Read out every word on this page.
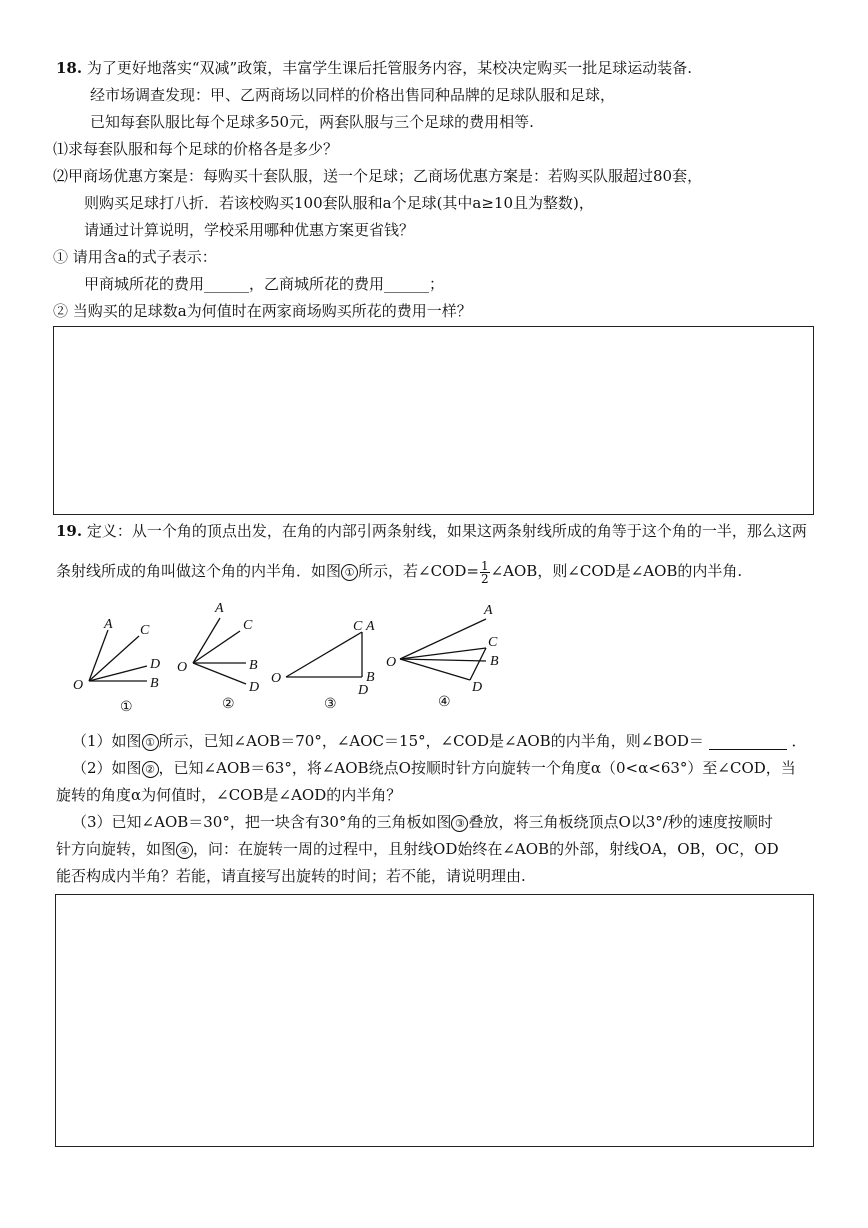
18. 为了更好地落实“双减”政策，丰富学生课后托管服务内容，某校决定购买一批足球运动装备.
经市场调查发现：甲、乙两商场以同样的价格出售同种品牌的足球队服和足球，
已知每套队服比每个足球多50元，两套队服与三个足球的费用相等.
⑴求每套队服和每个足球的价格各是多少？
⑵甲商场优惠方案是：每购买十套队服，送一个足球；乙商场优惠方案是：若购买队服超过80套，
则购买足球打八折．若该校购买100套队服和a个足球(其中a≥10且为整数)，
请通过计算说明，学校采用哪种优惠方案更省钱？
① 请用含a的式子表示：
甲商城所花的费用______，乙商城所花的费用______；
② 当购买的足球数a为何值时在两家商场购买所花的费用一样？
19. 定义：从一个角的顶点出发，在角的内部引两条射线，如果这两条射线所成的角等于这个角的一半，那么这两
条射线所成的角叫做这个角的内半角．如图 ① 所示，若∠COD= $\frac{1}{2}$ ∠AOB，则∠COD是∠AOB的内半角.
A C
D
B
O
A
C
B
D
O
C A
B
D
O
A
C
B
D
O
①	②	③	④
（1）如图 ① 所示，已知∠AOB＝70°，∠AOC＝15°，∠COD是∠AOB的内半角，则∠BOD＝	．
（2）如图 ② ，已知∠AOB＝63°，将∠AOB绕点O按顺时针方向旋转一个角度α（0<α<63°）至∠COD，当
旋转的角度α为何值时，∠COB是∠AOD的内半角？
（3）已知∠AOB＝30°，把一块含有30°角的三角板如图 ③ 叠放，将三角板绕顶点O以3°/秒的速度按顺时
针方向旋转，如图 ④ ，问：在旋转一周的过程中，且射线OD始终在∠AOB的外部，射线OA，OB，OC，OD
能否构成内半角？若能，请直接写出旋转的时间；若不能，请说明理由.
